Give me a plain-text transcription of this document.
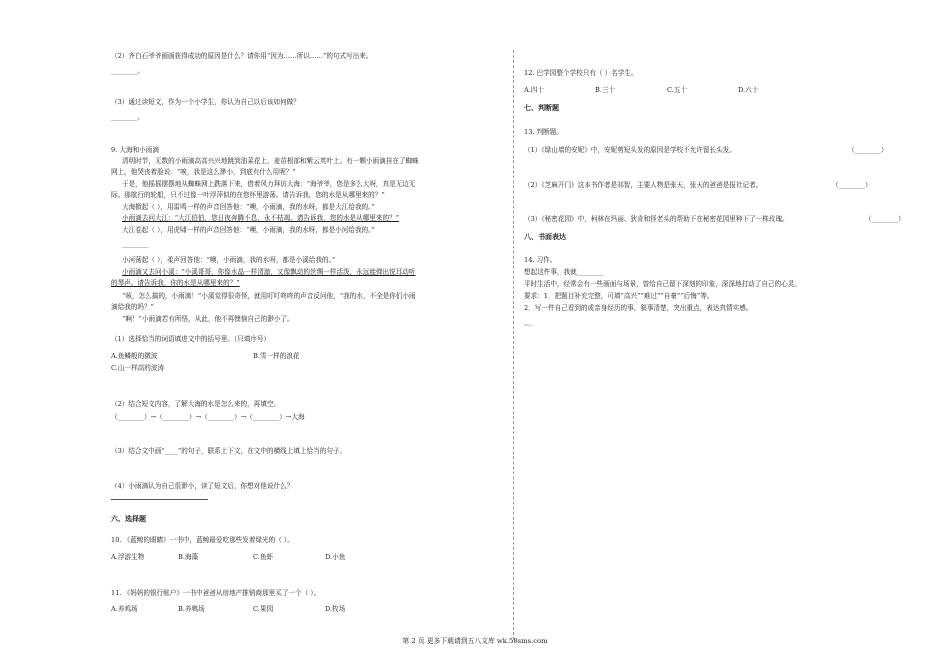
（2）齐白石爷爷画画获得成功的原因是什么？请你用“因为……所以……”的句式写出来。
________。
（3）通过读短文，作为一个小学生，你认为自己以后该如何做？
________。
9. 大海和小雨滴
清明时节，无数的小雨滴高高兴兴地跳到油菜花上、麦苗根部和紫云英叶上。有一颗小雨滴挂在了蜘蛛
网上，他哭丧着脸说：“唉，我是这么渺小，到底有什么用呢？”
于是，他摇摇摆摆地从蜘蛛网上跌落下来，借着风力拜访大海：“海爷爷，您是多么大呀，真是无边无
际。那航行的轮船，只不过像一叶浮萍似的在您怀里游荡。请告诉我，您的水是从哪里来的？”
大海掀起（ ），用雷鸣一样的声音回答他：“噢，小雨滴，我的水呀，都是大江给我的。”
小雨滴去问大江：“大江伯伯，您日夜奔腾不息，永不枯竭。请告诉我，您的水是从哪里来的？”
大江卷起（ ），用虎啸一样的声音回答他：“噢，小雨滴，我的水呀，都是小河给我的。”
________
小河荡起（ ），柔声回答他：“噢，小雨滴，我的水呀，都是小溪给我的。”
小雨滴又去问小溪：“小溪哥哥，你像水晶一样清澈，又像飘动的丝绸一样活泼，永远能弹出悦耳动听
的琴声。请告诉我，你的水是从哪里来的？”
“咳，怎么搞的，小雨滴！”小溪觉得很奇怪，就用叮叮咚咚的声音反问他，“我的水，不全是你们小雨
滴给我的吗？”
“啊！”小雨滴若有所悟，从此，他不再懊恼自己的渺小了。
（1）选择恰当的词语填进文中的括号里。（只填序号）
A.鱼鳞般的微波	B.雪一样的浪花
C.山一样高的波涛
（2）结合短文内容，了解大海的水是怎么来的，再填空。
（________）→（________）→（________）→（________）→大海
（3）结合文中画“____”的句子，联系上下文，在文中的横线上填上恰当的句子。
（4）小雨滴认为自己很渺小，读了短文后，你想对他说什么？
六、选择题
10. 《蓝鲸的眼睛》一书中，蓝鲸最爱吃那些发着绿光的（ ）。
A.浮游生物	B.海藻	C.鱼虾	D.小鱼
11. 《妈妈的银行账户》一书中爸爸从房地产推销商那里买了一个（ ）。
A.养鸡场	B.养鸭场	C.果园	D.牧场
12. 巴学园整个学校只有（ ）名学生。
A.四十	B.三十	C.五十	D.六十
七、判断题
13. 判断题。
（1）《绿山墙的安妮》中，安妮剪短头发的原因是学校不允许留长头发。	（________）
（2）《芝麻开门》这本书作者是祁智，主要人物是张天，张天的爸爸是报社记者。	（________）
（3）《秘密花园》中，柯林在玛丽、狄肯和怪老头的帮助下在秘密花园里种下了一株玫瑰。	（________）
八、书面表达
14. 习作。
想起这件事，我就________
平时生活中，经常会有一些画面与场景，曾给自己留下深刻的印象，深深地打动了自己的心灵。
要求：1．把题目补充完整，可填“高兴”“难过”“自豪”“后悔”等。
2．写一件自己看到的或亲身经历的事，叙事清楚，突出重点，表达真情实感。
http://
第 2 页 更多下载请到五八文库 wk.58sms.com
